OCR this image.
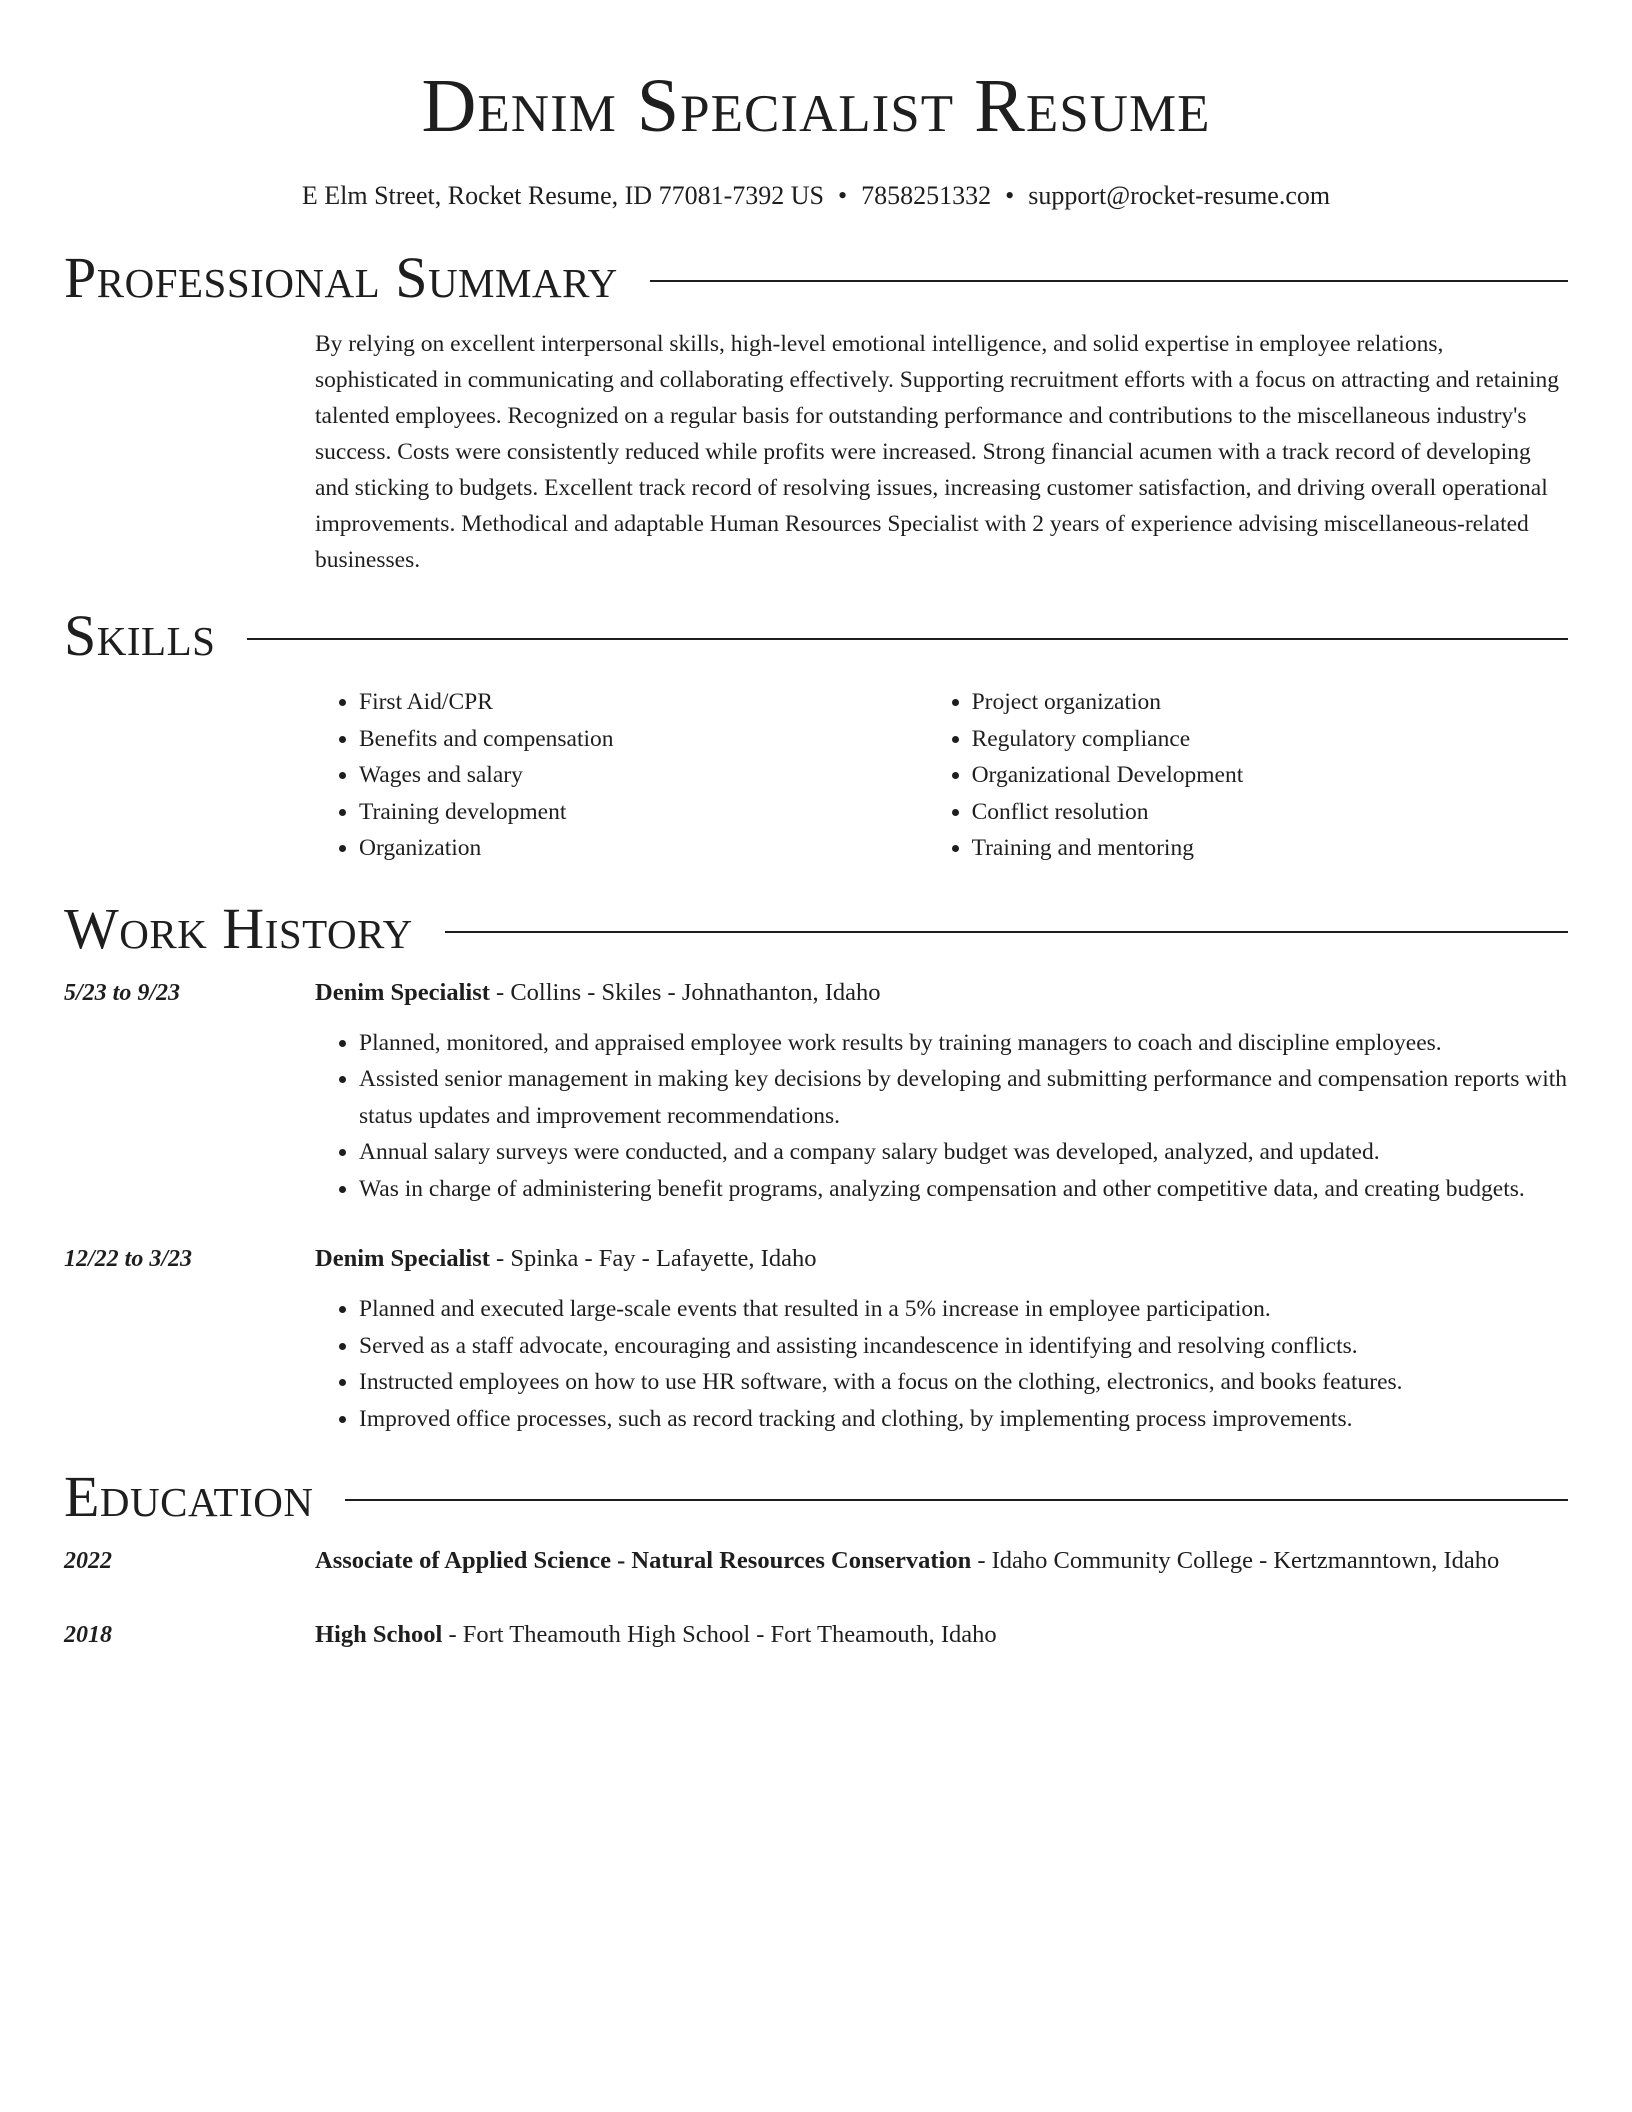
Denim Specialist Resume
E Elm Street, Rocket Resume, ID 77081-7392 US • 7858251332 • support@rocket-resume.com
Professional Summary
By relying on excellent interpersonal skills, high-level emotional intelligence, and solid expertise in employee relations, sophisticated in communicating and collaborating effectively. Supporting recruitment efforts with a focus on attracting and retaining talented employees. Recognized on a regular basis for outstanding performance and contributions to the miscellaneous industry's success. Costs were consistently reduced while profits were increased. Strong financial acumen with a track record of developing and sticking to budgets. Excellent track record of resolving issues, increasing customer satisfaction, and driving overall operational improvements. Methodical and adaptable Human Resources Specialist with 2 years of experience advising miscellaneous-related businesses.
Skills
• First Aid/CPR
• Benefits and compensation
• Wages and salary
• Training development
• Organization
• Project organization
• Regulatory compliance
• Organizational Development
• Conflict resolution
• Training and mentoring
Work History
5/23 to 9/23	Denim Specialist - Collins - Skiles - Johnathanton, Idaho
• Planned, monitored, and appraised employee work results by training managers to coach and discipline employees.
• Assisted senior management in making key decisions by developing and submitting performance and compensation reports with status updates and improvement recommendations.
• Annual salary surveys were conducted, and a company salary budget was developed, analyzed, and updated.
• Was in charge of administering benefit programs, analyzing compensation and other competitive data, and creating budgets.
12/22 to 3/23	Denim Specialist - Spinka - Fay - Lafayette, Idaho
• Planned and executed large-scale events that resulted in a 5% increase in employee participation.
• Served as a staff advocate, encouraging and assisting incandescence in identifying and resolving conflicts.
• Instructed employees on how to use HR software, with a focus on the clothing, electronics, and books features.
• Improved office processes, such as record tracking and clothing, by implementing process improvements.
Education
2022	Associate of Applied Science - Natural Resources Conservation - Idaho Community College - Kertzmanntown, Idaho
2018	High School - Fort Theamouth High School - Fort Theamouth, Idaho
